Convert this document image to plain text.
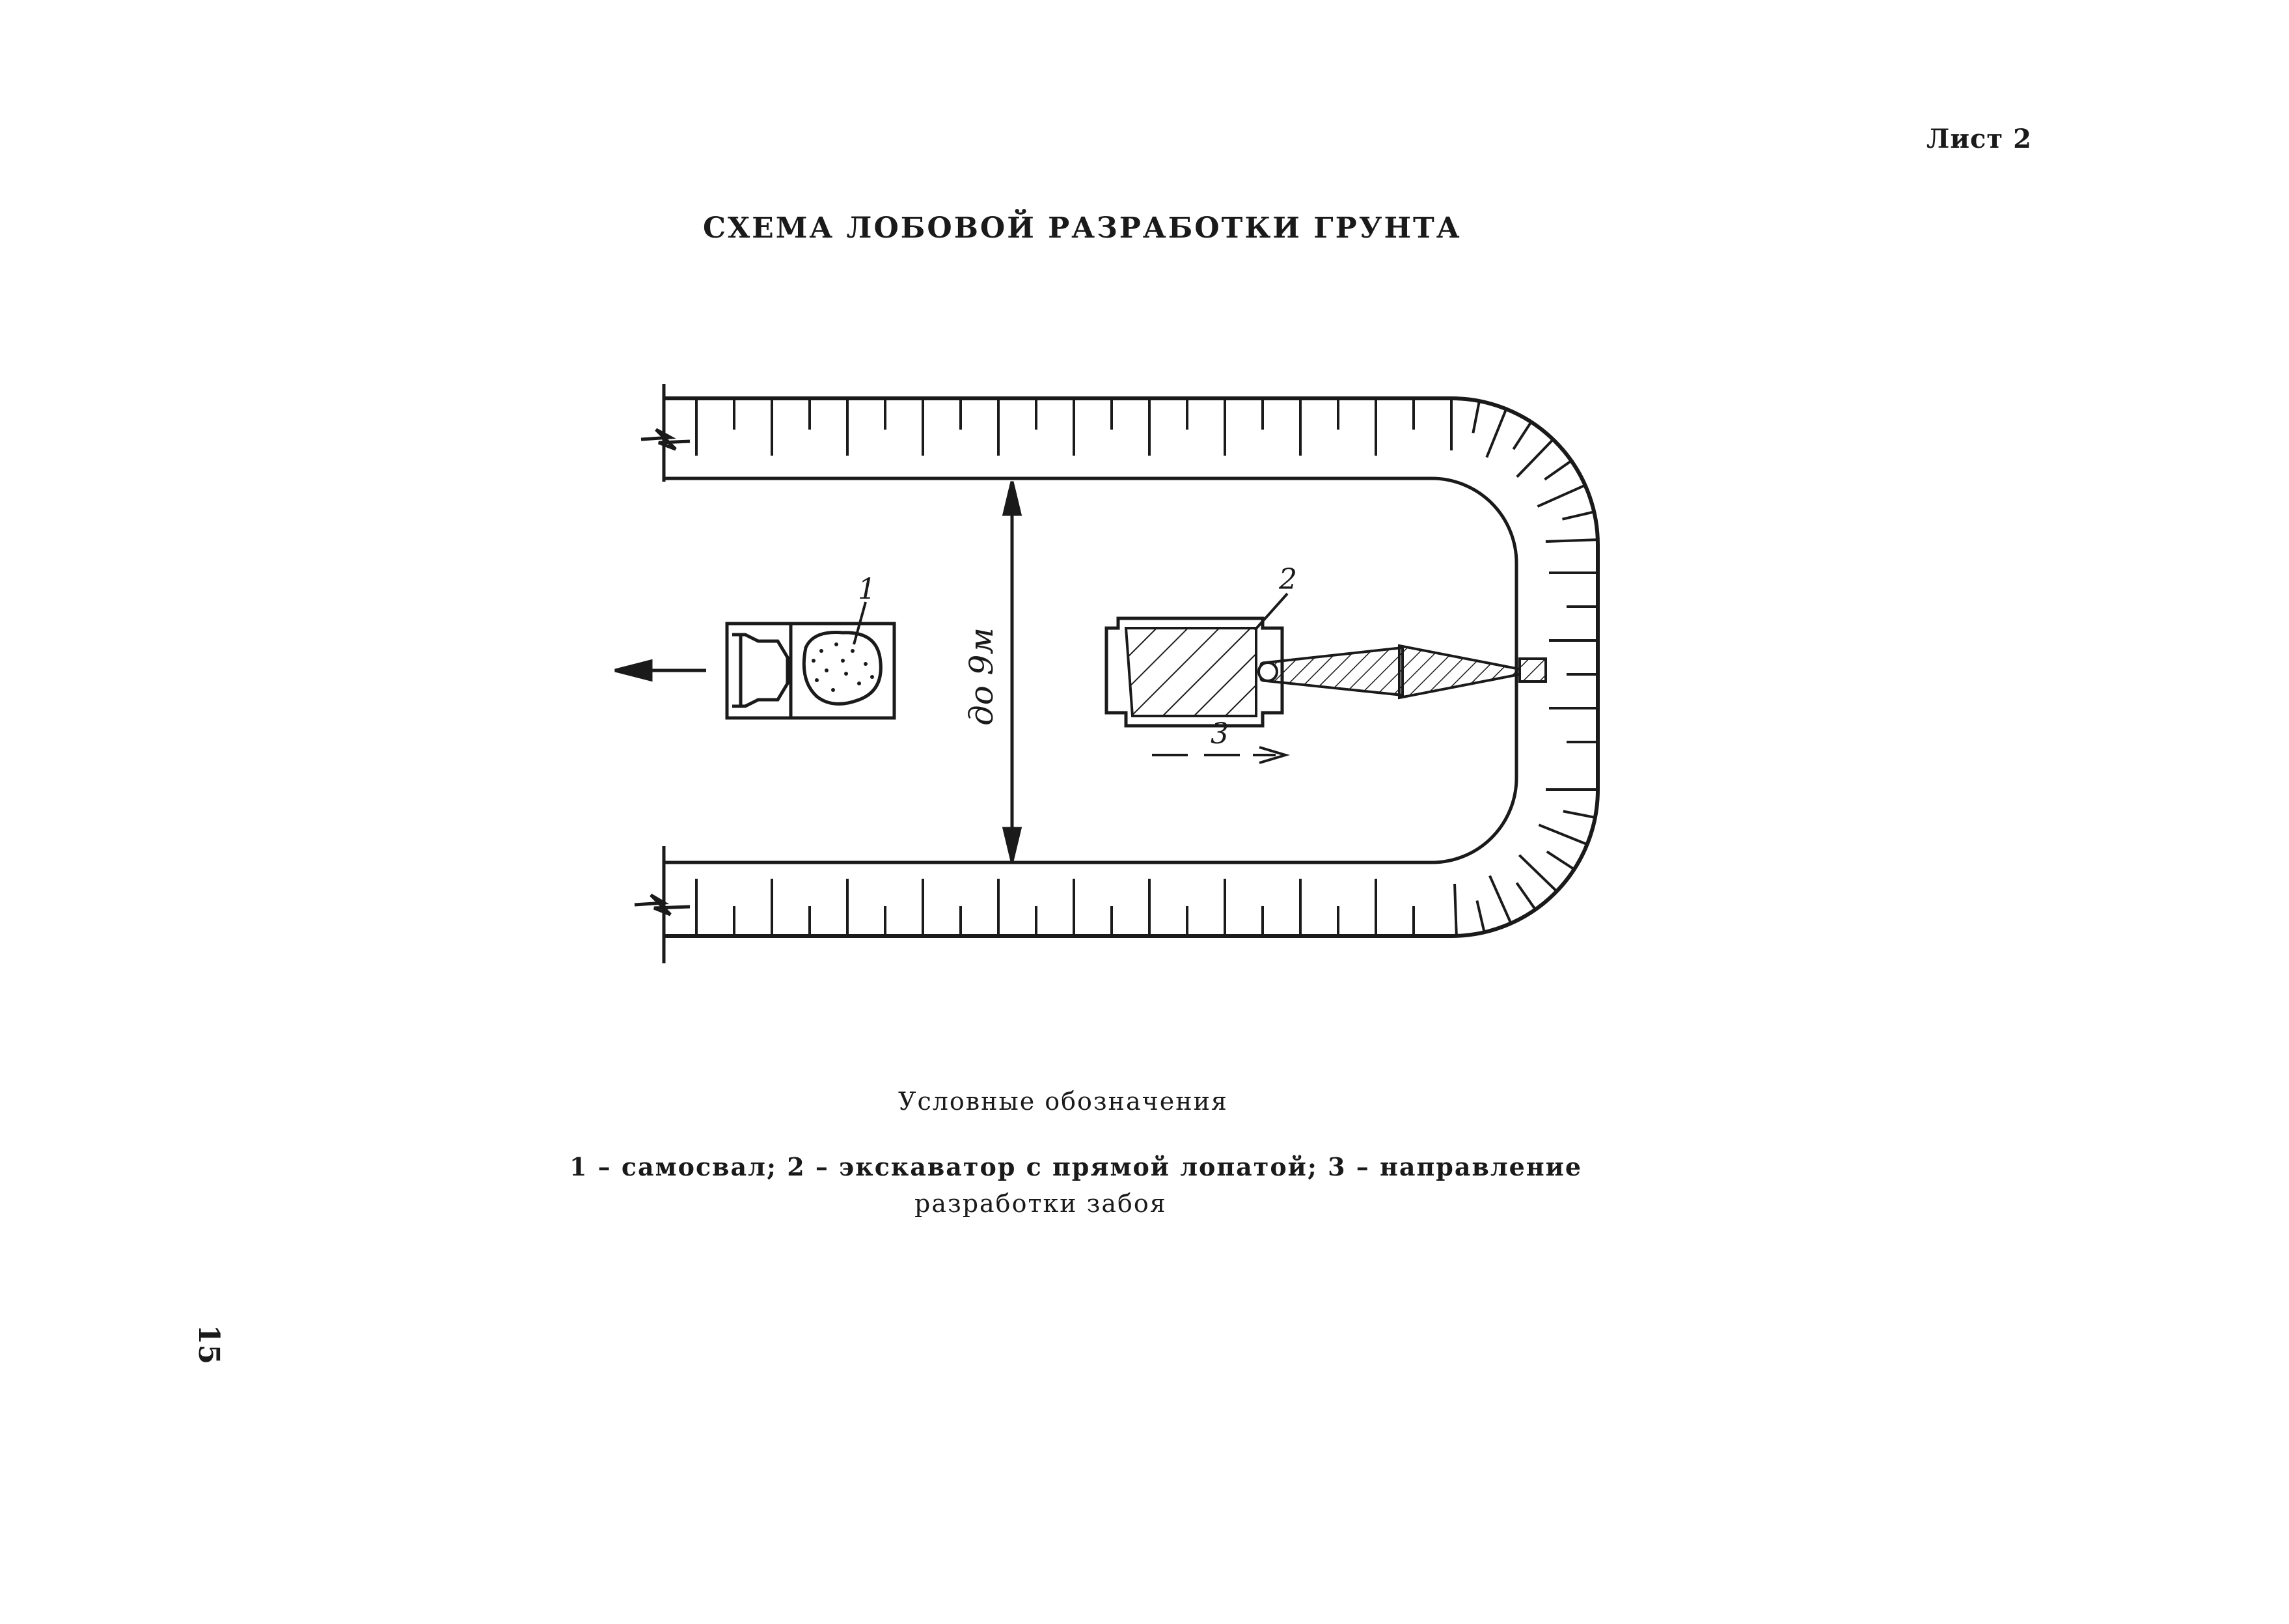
Лист 2
СХЕМА ЛОБОВОЙ РАЗРАБОТКИ ГРУНТА
до 9м
1	2
3
Условные обозначения
1 – самосвал; 2 – экскаватор с прямой лопатой; 3 – направление
разработки забоя
15
